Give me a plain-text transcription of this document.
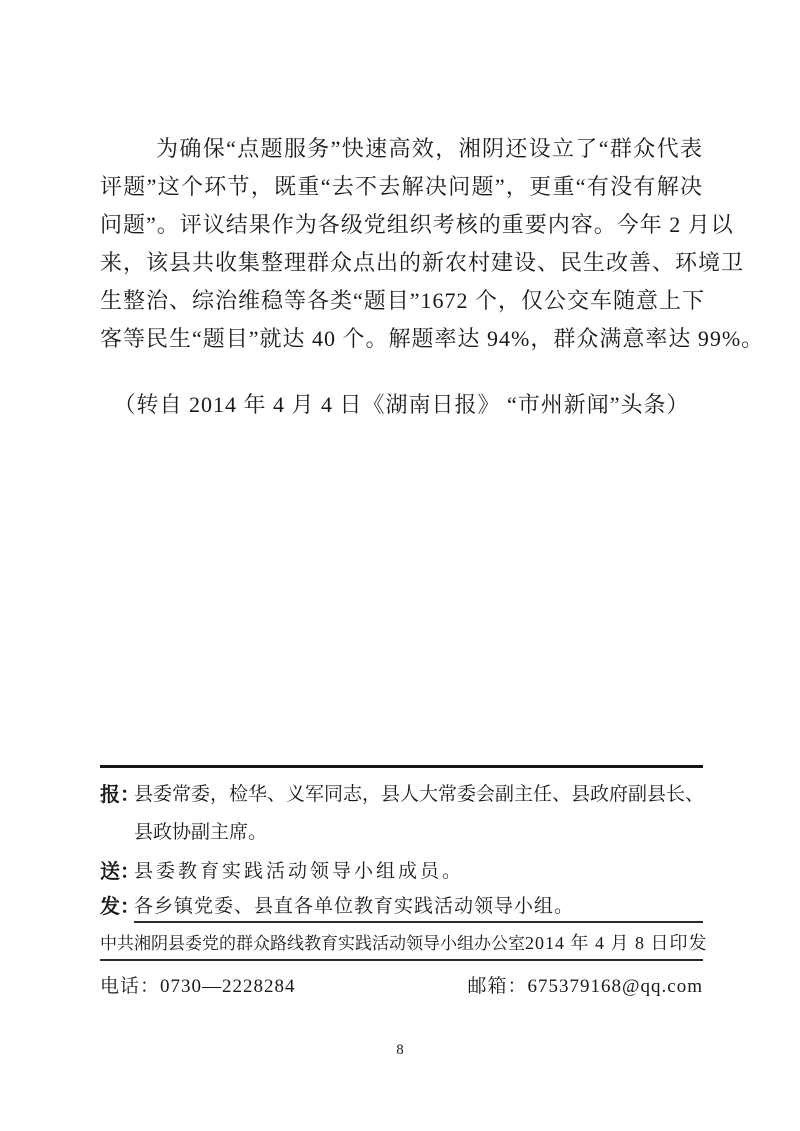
为确保“点题服务”快速高效，湘阴还设立了“群众代表
评题”这个环节，既重“去不去解决问题”，更重“有没有解决
问题”。评议结果作为各级党组织考核的重要内容。今年 2 月以
来，该县共收集整理群众点出的新农村建设、民生改善、环境卫
生整治、综治维稳等各类“题目”1672 个，仅公交车随意上下
客等民生“题目”就达 40 个。解题率达 94%，群众满意率达 99%。
（转自 2014 年 4 月 4 日《湖南日报》 “市州新闻”头条）
报：
县委常委，检华、义军同志，县人大常委会副主任、县政府副县长、
县政协副主席。
送：
县委教育实践活动领导小组成员。
发：
各乡镇党委、县直各单位教育实践活动领导小组。
中共湘阴县委党的群众路线教育实践活动领导小组办公室 2014 年 4 月 8 日印发
电话：0730—2228284	邮箱：675379168@qq.com
8
